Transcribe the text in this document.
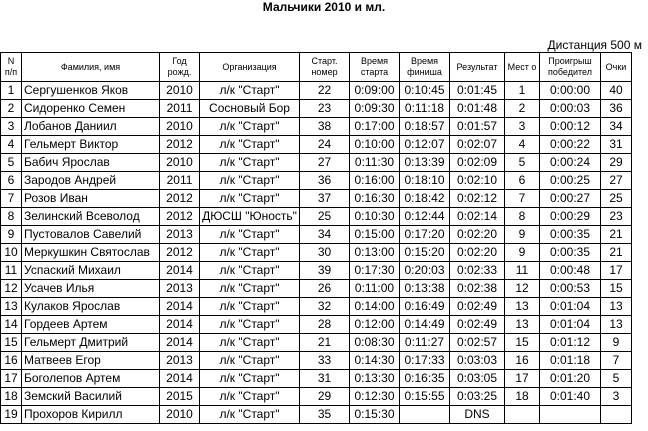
Мальчики 2010 и мл.
Дистанция 500 м
N п/п	Фамилия, имя	Год рожд.	Организация	Старт. номер	Время старта	Время финиша	Результат	Мест о	Проигрыш победител	Очки
1	Сергушенков Яков	2010	л/к "Старт"	22	0:09:00	0:10:45	0:01:45	1	0:00:00	40
2	Сидоренко Семен	2011	Сосновый Бор	23	0:09:30	0:11:18	0:01:48	2	0:00:03	36
3	Лобанов Даниил	2010	л/к "Старт"	38	0:17:00	0:18:57	0:01:57	3	0:00:12	34
4	Гельмерт Виктор	2012	л/к "Старт"	24	0:10:00	0:12:07	0:02:07	4	0:00:22	31
5	Бабич Ярослав	2010	л/к "Старт"	27	0:11:30	0:13:39	0:02:09	5	0:00:24	29
6	Зародов Андрей	2011	л/к "Старт"	36	0:16:00	0:18:10	0:02:10	6	0:00:25	27
7	Розов Иван	2012	л/к "Старт"	37	0:16:30	0:18:42	0:02:12	7	0:00:27	25
8	Зелинский Всеволод	2012	ДЮСШ "Юность"	25	0:10:30	0:12:44	0:02:14	8	0:00:29	23
9	Пустовалов Савелий	2013	л/к "Старт"	34	0:15:00	0:17:20	0:02:20	9	0:00:35	21
10	Меркушкин Святослав	2012	л/к "Старт"	30	0:13:00	0:15:20	0:02:20	9	0:00:35	21
11	Успаский Михаил	2014	л/к "Старт"	39	0:17:30	0:20:03	0:02:33	11	0:00:48	17
12	Усачев Илья	2013	л/к "Старт"	26	0:11:00	0:13:38	0:02:38	12	0:00:53	15
13	Кулаков Ярослав	2014	л/к "Старт"	32	0:14:00	0:16:49	0:02:49	13	0:01:04	13
14	Гордеев Артем	2014	л/к "Старт"	28	0:12:00	0:14:49	0:02:49	13	0:01:04	13
15	Гельмерт Дмитрий	2014	л/к "Старт"	21	0:08:30	0:11:27	0:02:57	15	0:01:12	9
16	Матвеев Егор	2013	л/к "Старт"	33	0:14:30	0:17:33	0:03:03	16	0:01:18	7
17	Боголепов Артем	2014	л/к "Старт"	31	0:13:30	0:16:35	0:03:05	17	0:01:20	5
18	Земский Василий	2015	л/к "Старт"	29	0:12:30	0:15:55	0:03:25	18	0:01:40	3
19	Прохоров Кирилл	2010	л/к "Старт"	35	0:15:30		DNS			
